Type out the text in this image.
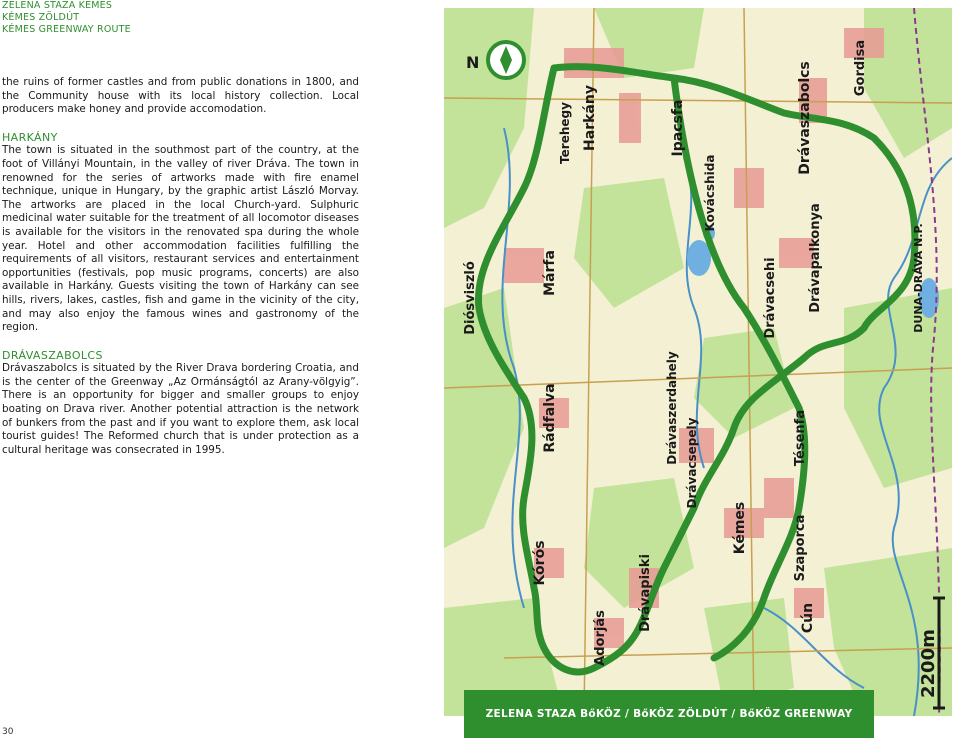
ZELENA STAZA KEMEŠ
KÉMES ZÖLDÚT
KÉMES GREENWAY ROUTE

the ruins of former castles and from public donations in 1800, and the Community house with its local history collection. Local producers make honey and provide accomodation.

HARKÁNY

The town is situated in the southmost part of the country, at the foot of Villányi Mountain, in the valley of river Dráva. The town in renowned for the series of artworks made with fire enamel technique, unique in Hungary, by the graphic artist László Morvay. The artworks are placed in the local Church-yard. Sulphuric medicinal water suitable for the treatment of all locomotor diseases is available for the visitors in the renovated spa during the whole year. Hotel and other accommodation facilities fulfilling the requirements of all visitors, restaurant services and entertainment opportunities (festivals, pop music programs, concerts) are also available in Harkány. Guests visiting the town of Harkány can see hills, rivers, lakes, castles, fish and game in the vicinity of the city, and may also enjoy the famous wines and gastronomy of the region.

DRÁVASZABOLCS

Drávaszabolcs is situated by the River Drava bordering Croatia, and is the center of the Greenway „Az Ormánságtól az Arany-völgyig”. There is an opportunity for bigger and smaller groups to enjoy boating on Drava river. Another potential attraction is the network of bunkers from the past and if you want to explore them, ask local tourist guides! The Reformed church that is under protection as a cultural heritage was consecrated in 1995.

30
N
Harkány
Terehegy	Ipacsfa	Drávaszabolcs	Gordisa
Kovácshida
Drávapalkonya
Drávacsehi
Diósviszló	Márfa
Drávaszerdahely
Rádfalva	Drávacsepely	Tésenfa
Kémes	Szaporca
Kórós	Drávapiski	Cún
Adorjás
DUNA-DRÁVA N.P.
2200m
ZELENA STAZA BőKÖZ / BőKÖZ ZÖLDÚT / BőKÖZ GREENWAY
